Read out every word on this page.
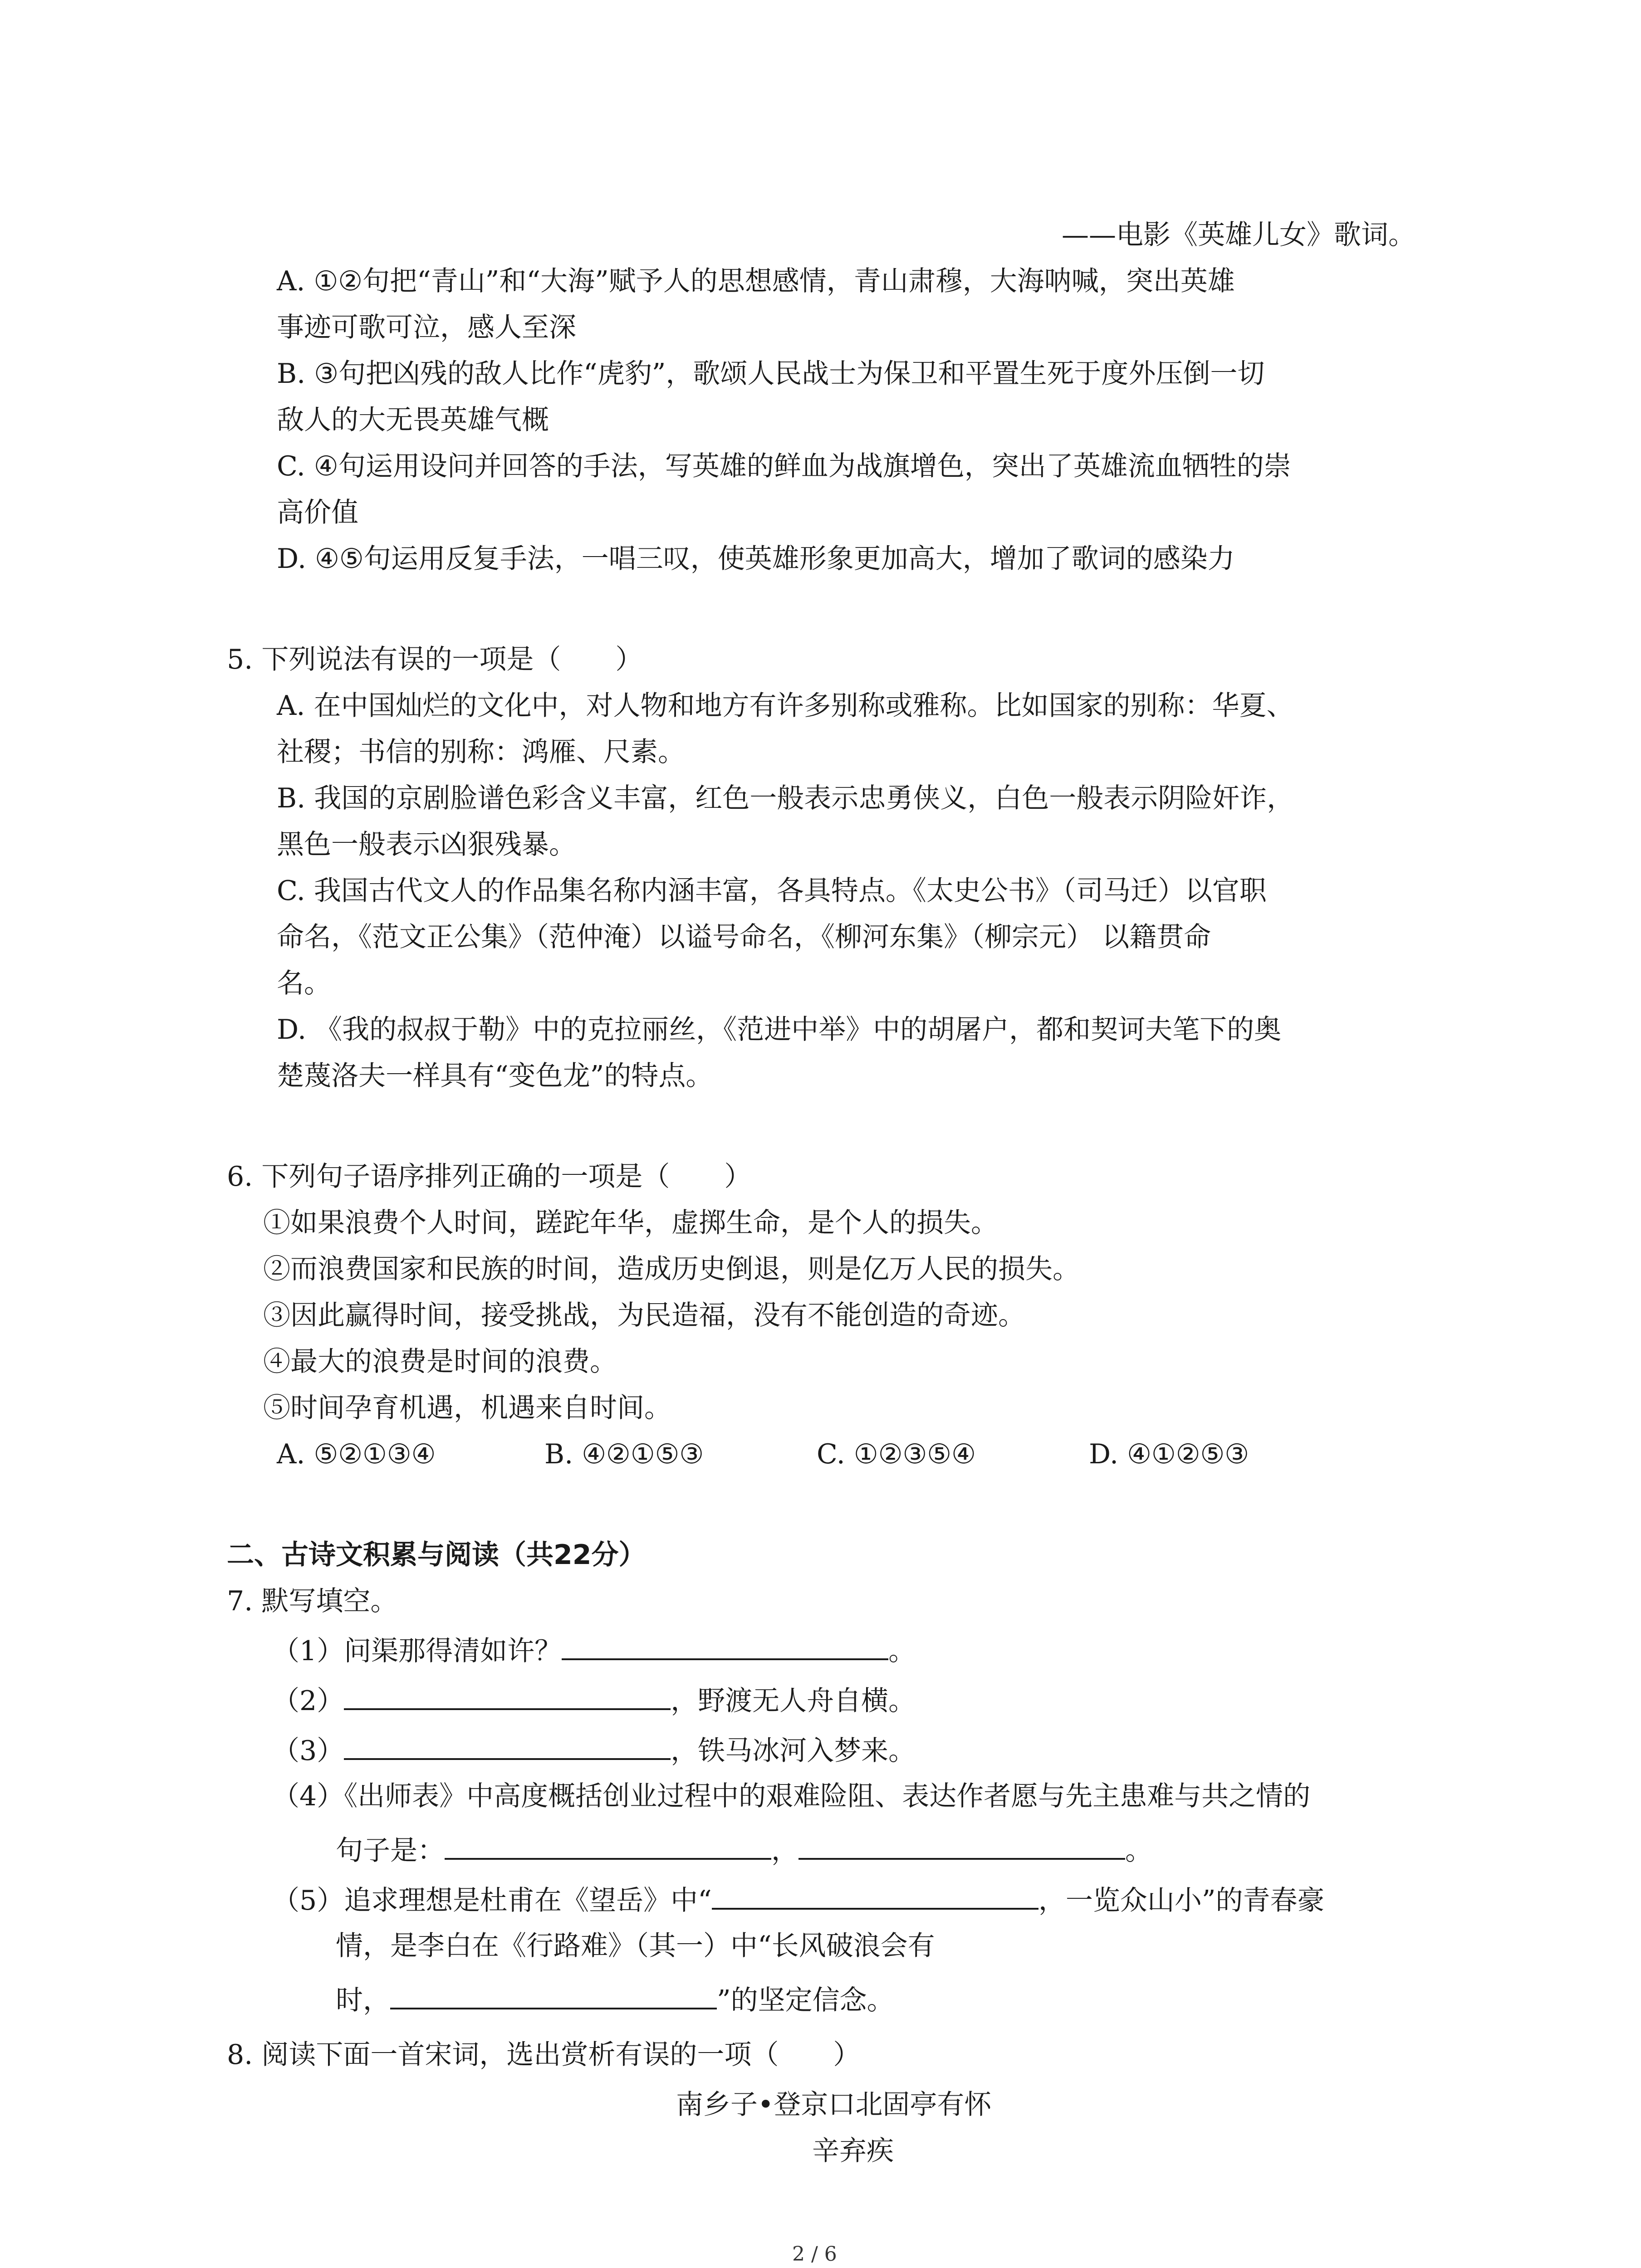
——电影《英雄儿女》歌词。
A. ①②句把“青山”和“大海”赋予人的思想感情，青山肃穆，大海呐喊，突出英雄
事迹可歌可泣，感人至深
B. ③句把凶残的敌人比作“虎豹”，歌颂人民战士为保卫和平置生死于度外压倒一切
敌人的大无畏英雄气概
C. ④句运用设问并回答的手法，写英雄的鲜血为战旗增色，突出了英雄流血牺牲的崇
高价值
D. ④⑤句运用反复手法，一唱三叹，使英雄形象更加高大，增加了歌词的感染力
5. 下列说法有误的一项是（　　）
A. 在中国灿烂的文化中，对人物和地方有许多别称或雅称。比如国家的别称：华夏、
社稷；书信的别称：鸿雁、尺素。
B. 我国的京剧脸谱色彩含义丰富，红色一般表示忠勇侠义，白色一般表示阴险奸诈，
黑色一般表示凶狠残暴。
C. 我国古代文人的作品集名称内涵丰富，各具特点。《太史公书》（司马迁）以官职
命名，《范文正公集》（范仲淹）以谥号命名，《柳河东集》（柳宗元） 以籍贯命
名。
D. 《我的叔叔于勒》中的克拉丽丝，《范进中举》中的胡屠户，都和契诃夫笔下的奥
楚蔑洛夫一样具有“变色龙”的特点。
6. 下列句子语序排列正确的一项是（　　）
①如果浪费个人时间，蹉跎年华，虚掷生命，是个人的损失。
②而浪费国家和民族的时间，造成历史倒退，则是亿万人民的损失。
③因此赢得时间，接受挑战，为民造福，没有不能创造的奇迹。
④最大的浪费是时间的浪费。
⑤时间孕育机遇，机遇来自时间。
A. ⑤②①③④	B. ④②①⑤③	C. ①②③⑤④	D. ④①②⑤③
二、古诗文积累与阅读（共22分）
7. 默写填空。
（1）问渠那得清如许？	。
（2）	，野渡无人舟自横。
（3）	，铁马冰河入梦来。
（4）《出师表》中高度概括创业过程中的艰难险阻、表达作者愿与先主患难与共之情的
句子是：	，	。
（5）追求理想是杜甫在《望岳》中“	，一览众山小”的青春豪
情，是李白在《行路难》（其一）中“长风破浪会有
时，	”的坚定信念。
8. 阅读下面一首宋词，选出赏析有误的一项（　　）
南乡子•登京口北固亭有怀
辛弃疾
2 / 6
